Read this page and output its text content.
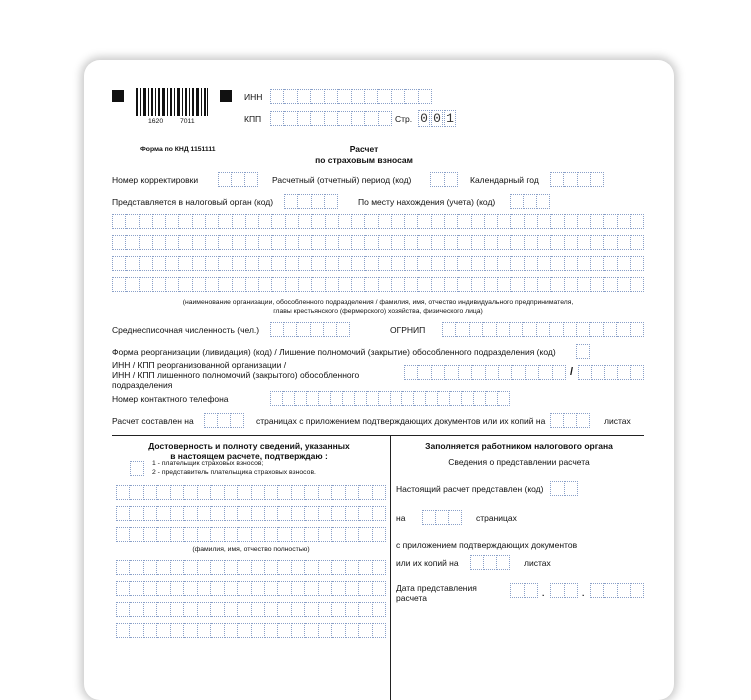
1620 7011
ИНН
КПП	Стр. 0 0 1
Форма по КНД 1151111	Расчет
по страховым взносам
Номер корректировки	Расчетный (отчетный) период (код)	Календарный год
Представляется в налоговый орган (код)	По месту нахождения (учета) (код)
(наименование организации, обособленного подразделения / фамилия, имя, отчество индивидуального предпринимателя,
главы крестьянского (фермерского) хозяйства, физического лица)
Среднесписочная численность (чел.)	ОГРНИП
Форма реорганизации (ливидация) (код) / Лишение полномочий (закрытие) обособленного подразделения (код)
ИНН / КПП реорганизованной организации /
ИНН / КПП лишенного полномочий (закрытого) обособленного
подразделения
/
Номер контактного телефона
Расчет составлен на	страницах с приложением подтверждающих документов или их копий на	листах
Достоверность и полноту сведений, указанных
в настоящем расчете, подтверждаю :
1 - плательщик страховых взносов;
2 - представитель плательщика страховых взносов.
(фамилия, имя, отчество полностью)
Заполняется работником налогового органа
Сведения о представлении расчета
Настоящий расчет представлен (код)
на	страницах
с приложением подтверждающих документов
или их копий на	листах
Дата представления
расчета	.	.
